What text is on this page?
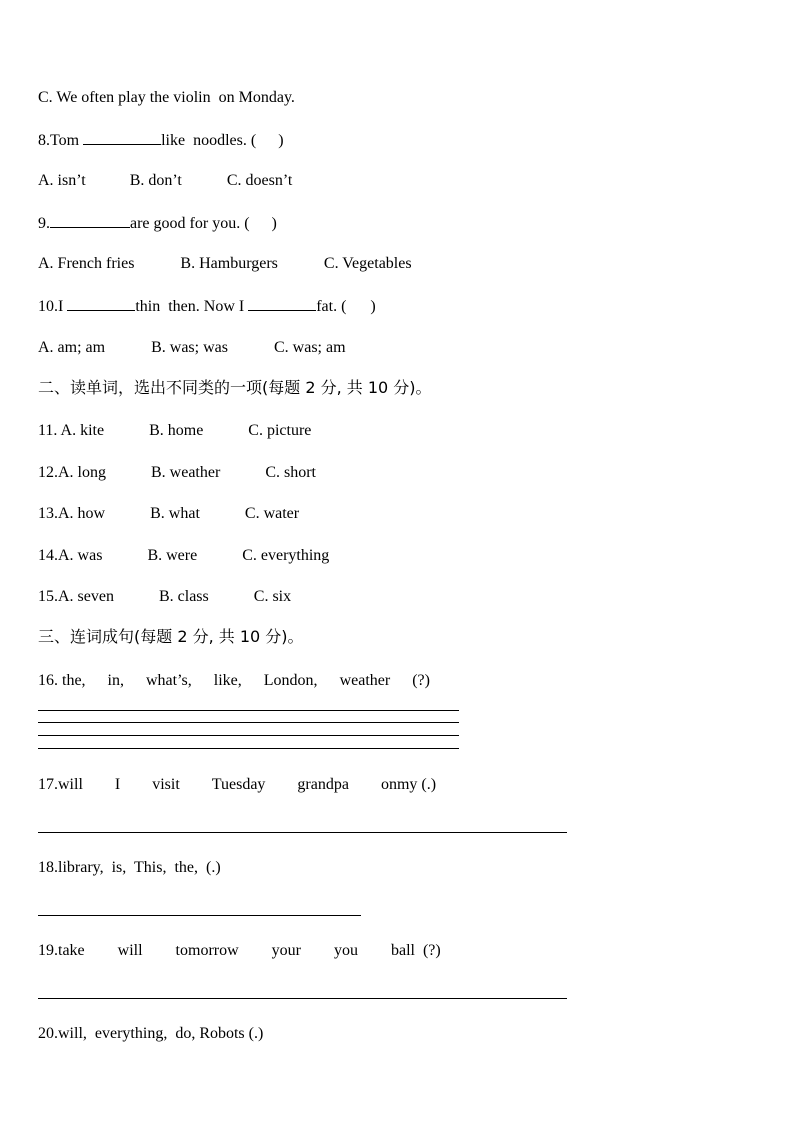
C. We often play the violin  on Monday.
8.Tom	like  noodles. ( )
A. isn’t	B. don’t	C. doesn’t
9.	are good for you. ( )
A. French fries	B. Hamburgers	C. Vegetables
10.I	thin  then. Now I	fat. ( )
A. am; am	B. was; was	C. was; am
二、读单词，选出不同类的一项(每题 2 分, 共 10 分)。
11. A. kite	B. home	C. picture
12.A. long	B. weather	C. short
13.A. how	B. what	C. water
14.A. was	B. were	C. everything
15.A. seven	B. class	C. six
三、连词成句(每题 2 分, 共 10 分)。
16. the, in, what’s, like, London, weather (?)
17.will I visit Tuesday grandpa onmy (.)
18.library,  is,  This,  the,  (.)
19.take will tomorrow your you ball  (?)
20.will,  everything,  do, Robots (.)
